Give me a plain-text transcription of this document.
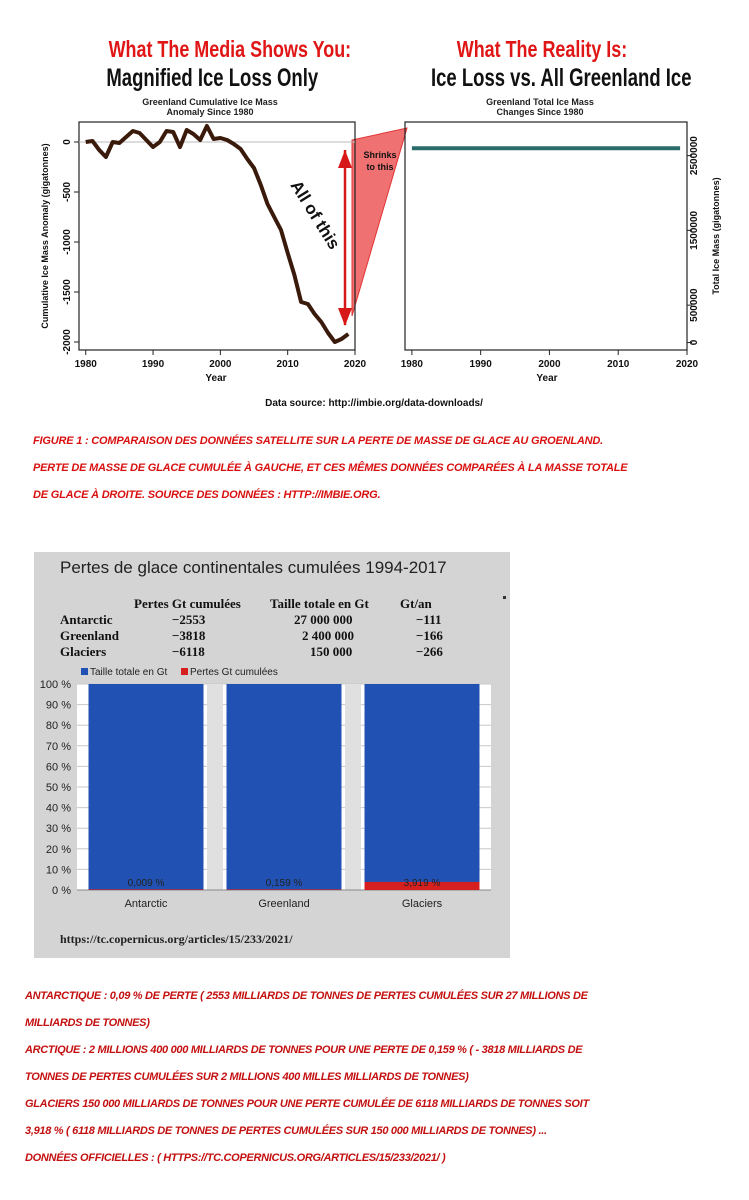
What The Media Shows You:
Magnified Ice Loss Only
Greenland Cumulative Ice Mass
Anomaly Since 1980
What The Reality Is:
Ice Loss vs. All Greenland Ice
Greenland Total Ice Mass
Changes Since 1980
1980	1990	2000	2010	2020
0
-500
-1000
-1500
-2000
1980	1990	2000	2010	2020
0
500000
1500000
2500000
All of this
Shrinks
to this
Year	Year
Cumulative Ice Mass Anomaly (gigatonnes)	Total Ice Mass (gigatonnes)
Data source: http://imbie.org/data-downloads/
FIGURE 1 : COMPARAISON DES DONNÉES SATELLITE SUR LA PERTE DE MASSE DE GLACE AU GROENLAND.
PERTE DE MASSE DE GLACE CUMULÉE À GAUCHE, ET CES MÊMES DONNÉES COMPARÉES À LA MASSE TOTALE
DE GLACE À DROITE. SOURCE DES DONNÉES : HTTP://IMBIE.ORG.
Pertes de glace continentales cumulées 1994-2017
	Pertes Gt cumulées	Taille totale en Gt	Gt/an
Antarctic	−2553	27 000 000	−111
Greenland	−3818	2 400 000	−166
Glaciers	−6118	150 000	−266
Taille totale en Gt Pertes Gt cumulées
0 %
10 %
20 %
30 %
40 %
50 %
60 %
70 %
80 %
90 %
100 %
0,009 %
Antarctic
0,159 %
Greenland
3,919 %
Glaciers
https://tc.copernicus.org/articles/15/233/2021/
ANTARCTIQUE : 0,09 % DE PERTE ( 2553 MILLIARDS DE TONNES DE PERTES CUMULÉES SUR 27 MILLIONS DE
MILLIARDS DE TONNES)
ARCTIQUE : 2 MILLIONS 400 000 MILLIARDS DE TONNES POUR UNE PERTE DE 0,159 % ( - 3818 MILLIARDS DE
TONNES DE PERTES CUMULÉES SUR 2 MILLIONS 400 MILLES MILLIARDS DE TONNES)
GLACIERS 150 000 MILLIARDS DE TONNES POUR UNE PERTE CUMULÉE DE 6118 MILLIARDS DE TONNES SOIT
3,918 % ( 6118 MILLIARDS DE TONNES DE PERTES CUMULÉES SUR 150 000 MILLIARDS DE TONNES) ...
DONNÉES OFFICIELLES : ( HTTPS://TC.COPERNICUS.ORG/ARTICLES/15/233/2021/ )
